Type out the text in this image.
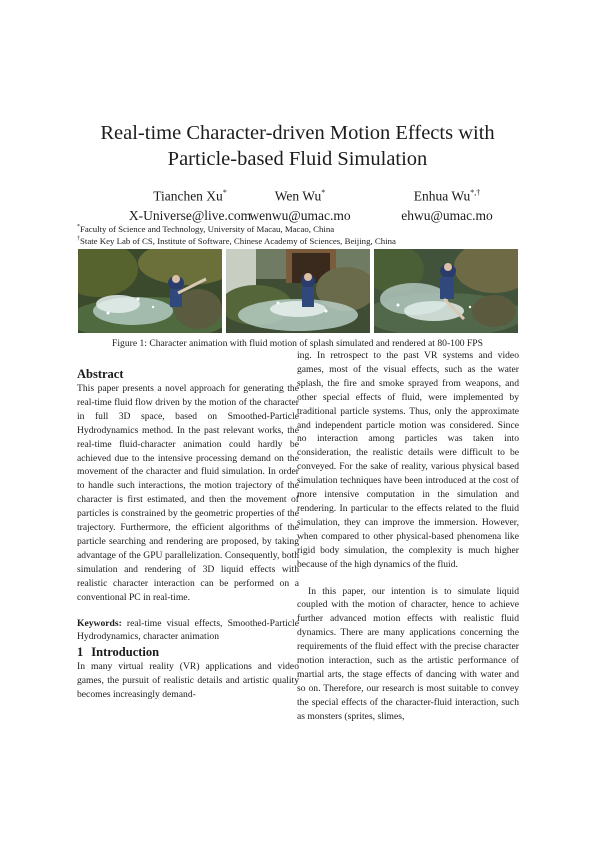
Real-time Character-driven Motion Effects with
Particle-based Fluid Simulation
Tianchen Xu*
X-Universe@live.com
Wen Wu*
wenwu@umac.mo
Enhua Wu*,†
ehwu@umac.mo
*Faculty of Science and Technology, University of Macau, Macao, China
†State Key Lab of CS, Institute of Software, Chinese Academy of Sciences, Beijing, China
Figure 1: Character animation with fluid motion of splash simulated and rendered at 80-100 FPS

Abstract

This paper presents a novel approach for generating the real-time fluid flow driven by the motion of the character in full 3D space, based on Smoothed-Particle Hydrodynamics method. In the past relevant works, the real-time fluid-character animation could hardly be achieved due to the intensive processing demand on the movement of the character and fluid simulation. In order to handle such interactions, the motion trajectory of the character is first estimated, and then the movement of particles is constrained by the geometric properties of the trajectory. Furthermore, the efficient algorithms of the particle searching and rendering are proposed, by taking advantage of the GPU parallelization. Consequently, both simulation and rendering of 3D liquid effects with realistic character interaction can be performed on a conventional PC in real-time.

Keywords: real-time visual effects, Smoothed-Particle Hydrodynamics, character animation

1 Introduction

In many virtual reality (VR) applications and video games, the pursuit of realistic details and artistic quality becomes increasingly demand-

ing. In retrospect to the past VR systems and video games, most of the visual effects, such as the water splash, the fire and smoke sprayed from weapons, and other special effects of fluid, were implemented by traditional particle systems. Thus, only the approximate and independent particle motion was considered. Since no interaction among particles was taken into consideration, the realistic details were difficult to be conveyed. For the sake of reality, various physical based simulation techniques have been introduced at the cost of more intensive computation in the simulation and rendering. In particular to the effects related to the fluid simulation, they can improve the immersion. However, when compared to other physical-based phenomena like rigid body simulation, the complexity is much higher because of the high dynamics of the fluid.

In this paper, our intention is to simulate liquid coupled with the motion of character, hence to achieve further advanced motion effects with realistic fluid dynamics. There are many applications concerning the requirements of the fluid effect with the precise character motion interaction, such as the artistic performance of martial arts, the stage effects of dancing with water and so on. Therefore, our research is most suitable to convey the special effects of the character-fluid interaction, such as monsters (sprites, slimes,
